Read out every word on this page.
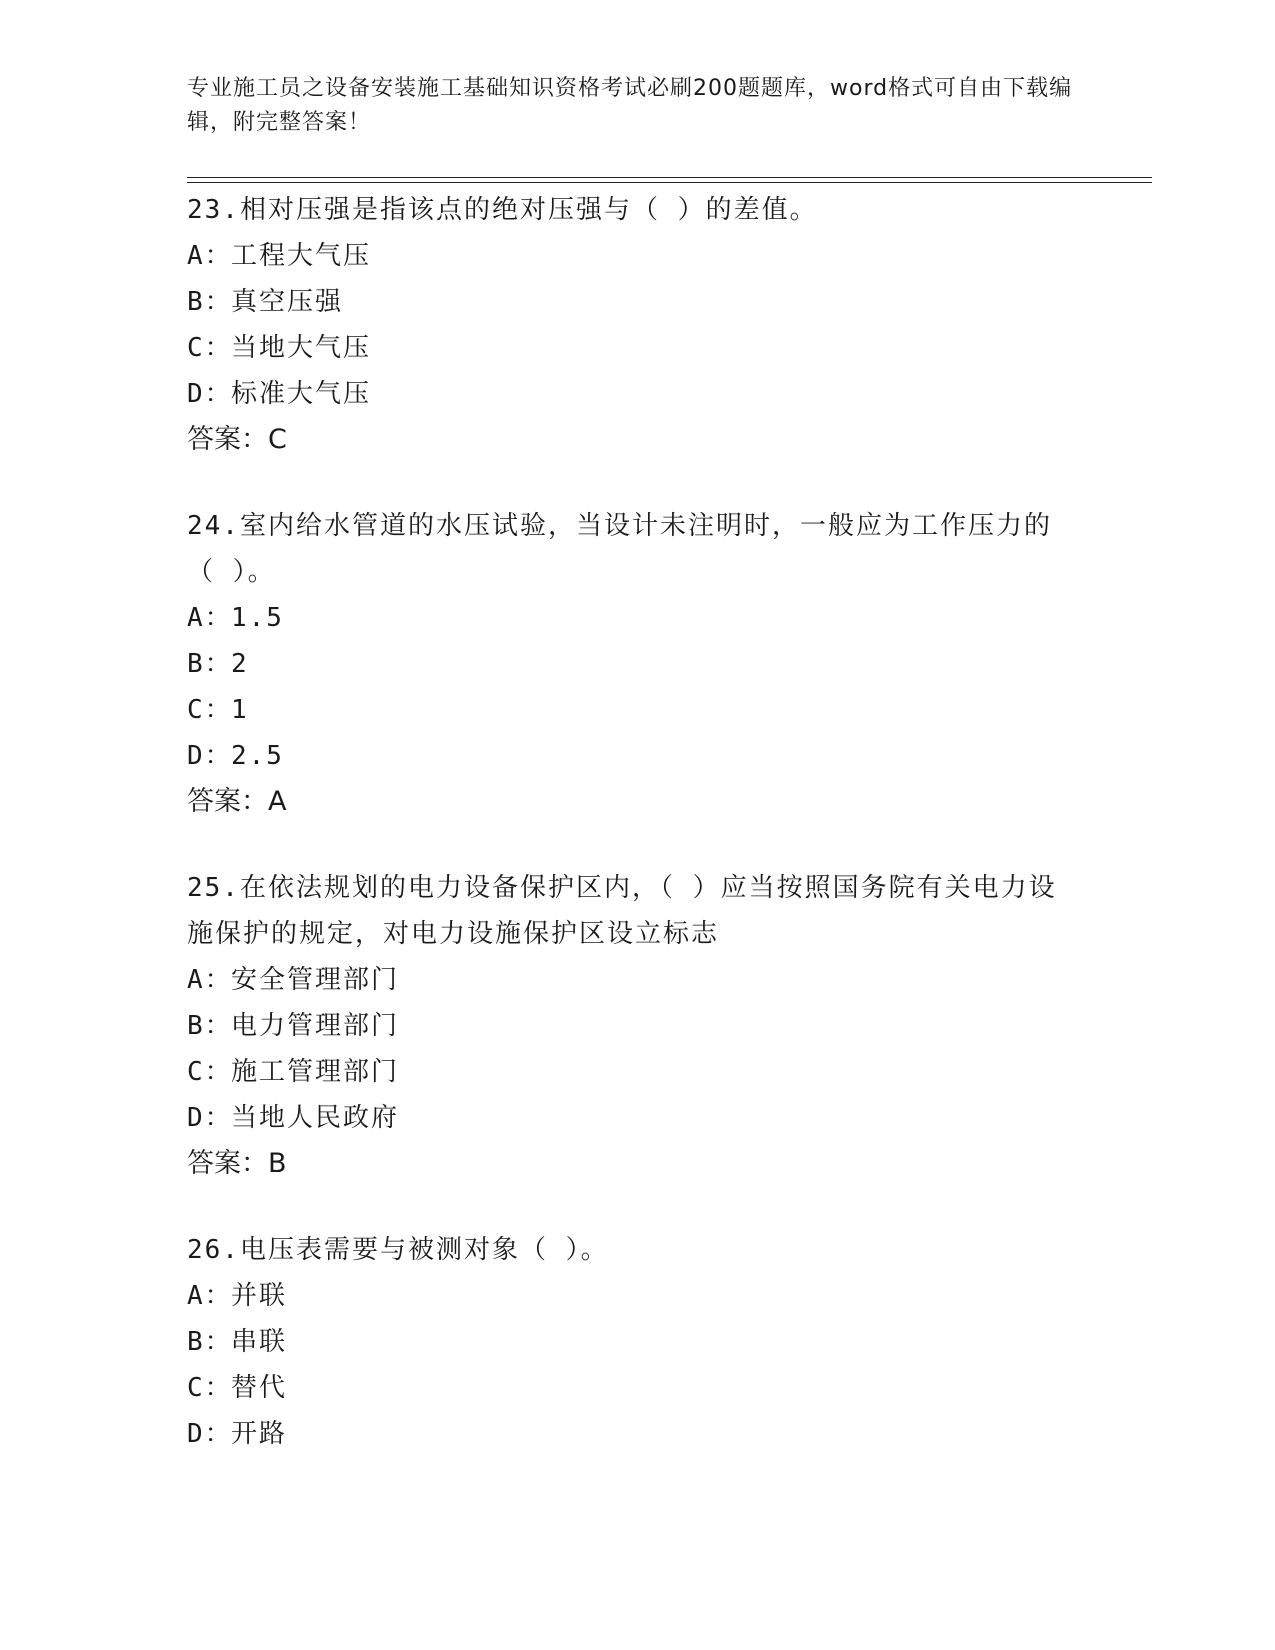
专业施工员之设备安装施工基础知识资格考试必刷200题题库，word格式可自由下载编辑，附完整答案！

23.相对压强是指该点的绝对压强与（ ）的差值。

A：工程大气压

B：真空压强

C：当地大气压

D：标准大气压

答案：C

24.室内给水管道的水压试验，当设计未注明时，一般应为工作压力的（ ）。

A：1.5

B：2

C：1

D：2.5

答案：A

25.在依法规划的电力设备保护区内，（ ）应当按照国务院有关电力设施保护的规定，对电力设施保护区设立标志

A：安全管理部门

B：电力管理部门

C：施工管理部门

D：当地人民政府

答案：B

26.电压表需要与被测对象（ ）。

A：并联

B：串联

C：替代

D：开路
